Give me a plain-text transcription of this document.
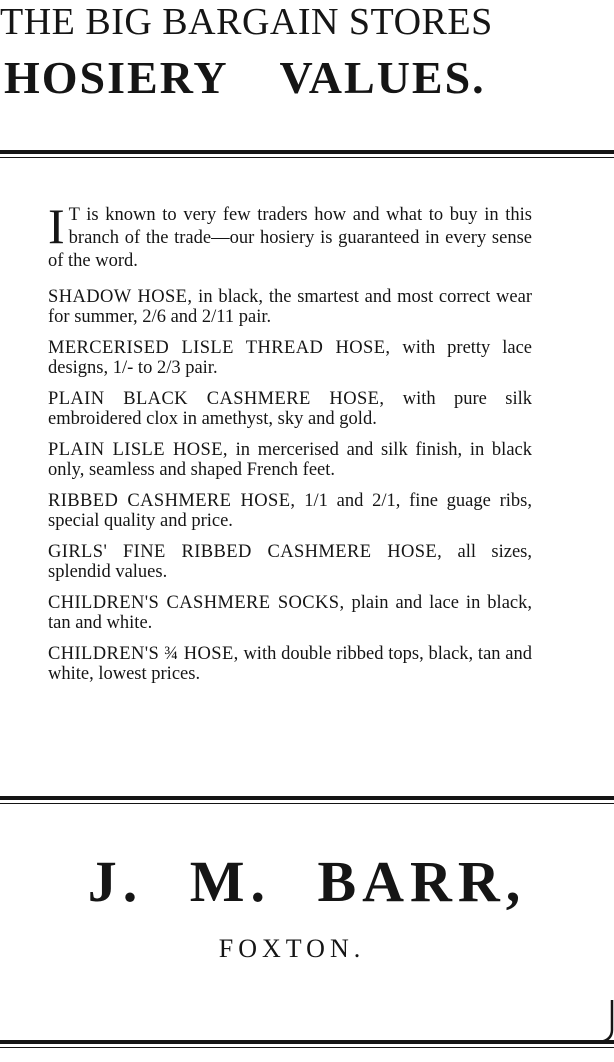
THE BIG BARGAIN STORES
HOSIERY VALUES.
I T is known to very few traders how and what to buy in this branch of the trade—our hosiery is guaranteed in every sense of the word.
SHADOW HOSE, in black, the smartest and most correct wear for summer, 2/6 and 2/11 pair.
MERCERISED LISLE THREAD HOSE, with pretty lace designs, 1/- to 2/3 pair.
PLAIN BLACK CASHMERE HOSE, with pure silk embroidered clox in amethyst, sky and gold.
PLAIN LISLE HOSE, in mercerised and silk finish, in black only, seamless and shaped French feet.
RIBBED CASHMERE HOSE, 1/1 and 2/1, fine guage ribs, special quality and price.
GIRLS' FINE RIBBED CASHMERE HOSE, all sizes, splendid values.
CHILDREN'S CASHMERE SOCKS, plain and lace in black, tan and white.
CHILDREN'S ¾ HOSE, with double ribbed tops, black, tan and white, lowest prices.
J. M. BARR,
FOXTON.
